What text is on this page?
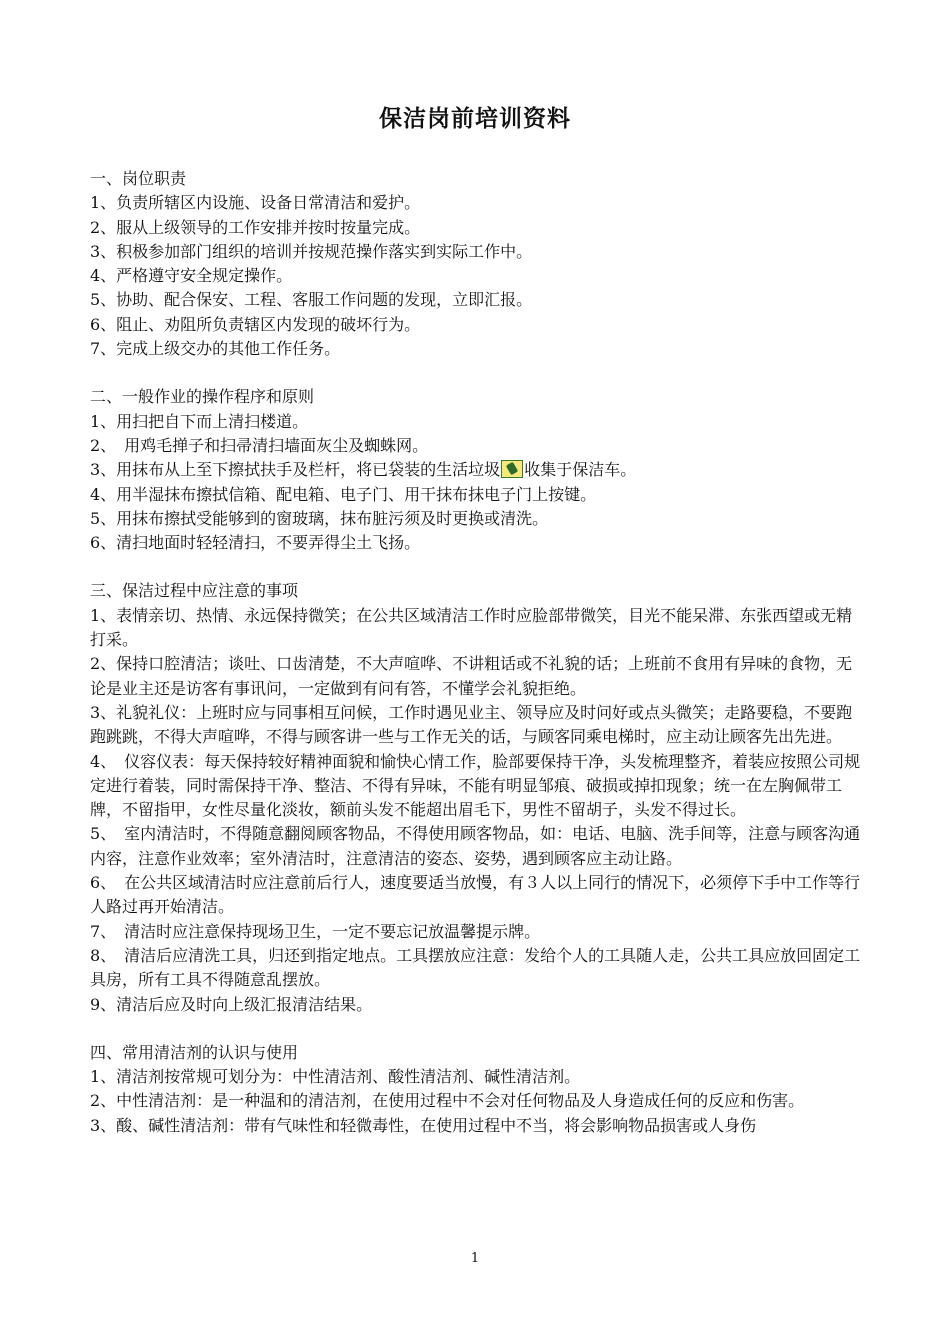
保洁岗前培训资料

一、岗位职责

1、负责所辖区内设施、设备日常清洁和爱护。

2、服从上级领导的工作安排并按时按量完成。

3、积极参加部门组织的培训并按规范操作落实到实际工作中。

4、严格遵守安全规定操作。

5、协助、配合保安、工程、客服工作问题的发现，立即汇报。

6、阻止、劝阻所负责辖区内发现的破坏行为。

7、完成上级交办的其他工作任务。

二、一般作业的操作程序和原则

1、用扫把自下而上清扫楼道。

2、　用鸡毛掸子和扫帚清扫墙面灰尘及蜘蛛网。

3、用抹布从上至下擦拭扶手及栏杆，将已袋装的生活垃圾 收集于保洁车。

4、用半湿抹布擦拭信箱、配电箱、电子门、用干抹布抹电子门上按键。

5、用抹布擦拭受能够到的窗玻璃，抹布脏污须及时更换或清洗。

6、清扫地面时轻轻清扫，不要弄得尘土飞扬。

三、保洁过程中应注意的事项

1、表情亲切、热情、永远保持微笑；在公共区域清洁工作时应脸部带微笑，目光不能呆滞、东张西望或无精打采。

2、保持口腔清洁；谈吐、口齿清楚，不大声喧哗、不讲粗话或不礼貌的话；上班前不食用有异味的食物，无论是业主还是访客有事讯问，一定做到有问有答，不懂学会礼貌拒绝。

3、礼貌礼仪：上班时应与同事相互问候，工作时遇见业主、领导应及时问好或点头微笑；走路要稳，不要跑跑跳跳，不得大声喧哗，不得与顾客讲一些与工作无关的话，与顾客同乘电梯时，应主动让顾客先出先进。

4、　仪容仪表：每天保持较好精神面貌和愉快心情工作，脸部要保持干净，头发梳理整齐，着装应按照公司规定进行着装，同时需保持干净、整洁、不得有异味，不能有明显邹痕、破损或掉扣现象；统一在左胸佩带工牌，不留指甲，女性尽量化淡妆，额前头发不能超出眉毛下，男性不留胡子，头发不得过长。

5、　室内清洁时，不得随意翻阅顾客物品，不得使用顾客物品，如：电话、电脑、洗手间等，注意与顾客沟通内容，注意作业效率；室外清洁时，注意清洁的姿态、姿势，遇到顾客应主动让路。

6、　在公共区域清洁时应注意前后行人，速度要适当放慢，有３人以上同行的情况下，必须停下手中工作等行人路过再开始清洁。

7、　清洁时应注意保持现场卫生，一定不要忘记放温馨提示牌。

8、　清洁后应清洗工具，归还到指定地点。工具摆放应注意：发给个人的工具随人走，公共工具应放回固定工具房，所有工具不得随意乱摆放。

9、清洁后应及时向上级汇报清洁结果。

四、常用清洁剂的认识与使用

1、清洁剂按常规可划分为：中性清洁剂、酸性清洁剂、碱性清洁剂。

2、中性清洁剂：是一种温和的清洁剂，在使用过程中不会对任何物品及人身造成任何的反应和伤害。

3、酸、碱性清洁剂：带有气味性和轻微毒性，在使用过程中不当，将会影响物品损害或人身伤

1
